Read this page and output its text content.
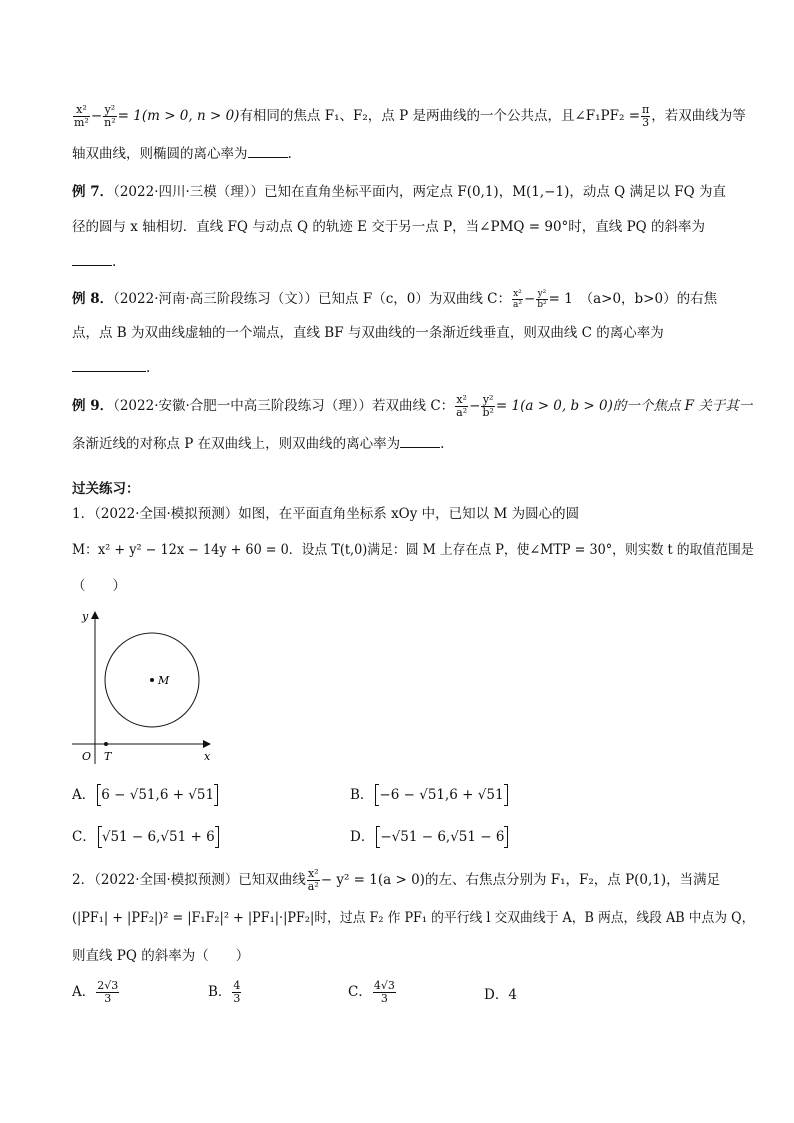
$\frac{\text{x²}}{\text{m²}} - \frac{\text{y²}}{\text{n²}} = 1(m > 0$, n > 0)有相同的焦点 F₁、F₂，点 P 是两曲线的一个公共点，且∠F₁PF₂ = $\frac{\pi}{3}$ ，若双曲线为等
轴双曲线，则椭圆的离心率为	.
例 7．（2022·四川·三模（理））已知在直角坐标平面内，两定点 F(0,1)，M(1,−1)，动点 Q 满足以 FQ 为直
径的圆与 x 轴相切．直线 FQ 与动点 Q 的轨迹 E 交于另一点 P，当∠PMQ = 90°时，直线 PQ 的斜率为
.
例 8．（2022·河南·高三阶段练习（文））已知点 F（c，0）为双曲线 C： $\frac{\text{x²}}{\text{a²}} - \frac{\text{y²}}{\text{b²}} = 1$　（a>0，b>0）的右焦
点，点 B 为双曲线虚轴的一个端点，直线 BF 与双曲线的一条渐近线垂直，则双曲线 C 的离心率为
.
例 9．（2022·安徽·合肥一中高三阶段练习（理））若双曲线 C： $\frac{\text{x²}}{\text{a²}} - \frac{\text{y²}}{\text{b²}} = 1(a > 0$, b > 0)的一个焦点 F 关于其一
条渐近线的对称点 P 在双曲线上，则双曲线的离心率为	.
过关练习：
1．（2022·全国·模拟预测）如图，在平面直角坐标系 xOy 中，已知以 M 为圆心的圆
M：x² + y² − 12x − 14y + 60 = 0．设点 T(t,0)满足：圆 M 上存在点 P，使∠MTP = 30°，则实数 t 的取值范围是
（　　）
y
x
O T
M
A． 6 − √51,6 + √51	B． −6 − √51,6 + √51
C． √51 − 6,√51 + 6	D． −√51 − 6,√51 − 6
2．（2022·全国·模拟预测）已知双曲线 $\frac{\text{x²}}{\text{a²}} - y^2 = 1(a > 0)$的左、右焦点分别为 F₁，F₂，点 P(0,1)，当满足
(|PF₁| + |PF₂|)² = |F₁F₂|² + |PF₁|·|PF₂|时，过点 F₂ 作 PF₁ 的平行线 l 交双曲线于 A，B 两点，线段 AB 中点为 Q，
则直线 PQ 的斜率为（　　）
A． $\frac{2√3}{3}$	B． $\frac{4}{3}$	C． $\frac{4√3}{3}$	D．4
